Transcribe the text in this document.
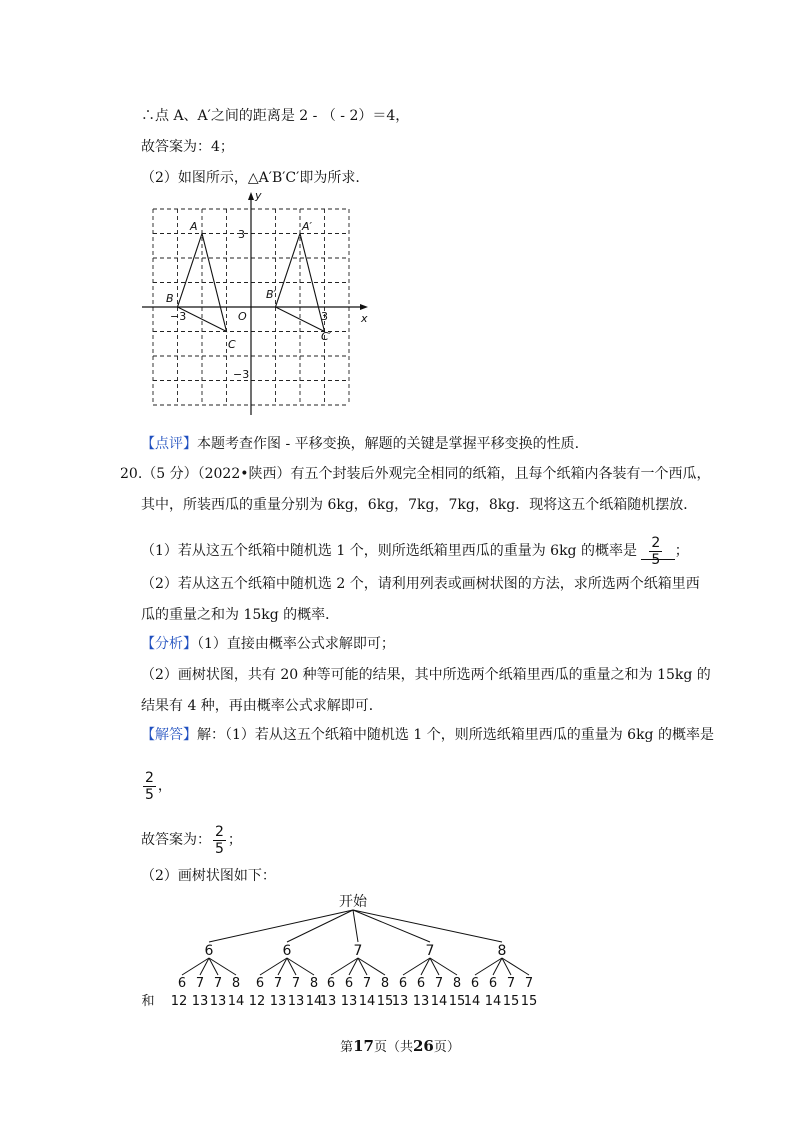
∴点 A、A′之间的距离是 2 - （ - 2）＝4，
故答案为：4；
（2）如图所示，△A′B′C′即为所求.
x
y
O
−3	3
3
−3
A
B
C
A′
B′
C′
【点评】本题考查作图 - 平移变换，解题的关键是掌握平移变换的性质.
20.（5 分）（2022•陕西）有五个封装后外观完全相同的纸箱，且每个纸箱内各装有一个西瓜，
其中，所装西瓜的重量分别为 6kg，6kg，7kg，7kg，8kg．现将这五个纸箱随机摆放．
（1）若从这五个纸箱中随机选 1 个，则所选纸箱里西瓜的重量为 6kg 的概率是 $\frac{2}{5}$ ；
（2）若从这五个纸箱中随机选 2 个，请利用列表或画树状图的方法，求所选两个纸箱里西
瓜的重量之和为 15kg 的概率．
【分析】（1）直接由概率公式求解即可；
（2）画树状图，共有 20 种等可能的结果，其中所选两个纸箱里西瓜的重量之和为 15kg 的
结果有 4 种，再由概率公式求解即可．
【解答】解：（1）若从这五个纸箱中随机选 1 个，则所选纸箱里西瓜的重量为 6kg 的概率是
$\frac{2}{5}$ ，
故答案为： $\frac{2}{5}$ ；
（2）画树状图如下：
开始
6
6
12
7
13
7
13
8
14
6
6
12
7
13
7
13
8
14
7
6
13
6
13
7
14
8
15
7
6
13
6
13
7
14
8
15
8
6
14
6
14
7
15
7
15
和
第17页（共26页）
